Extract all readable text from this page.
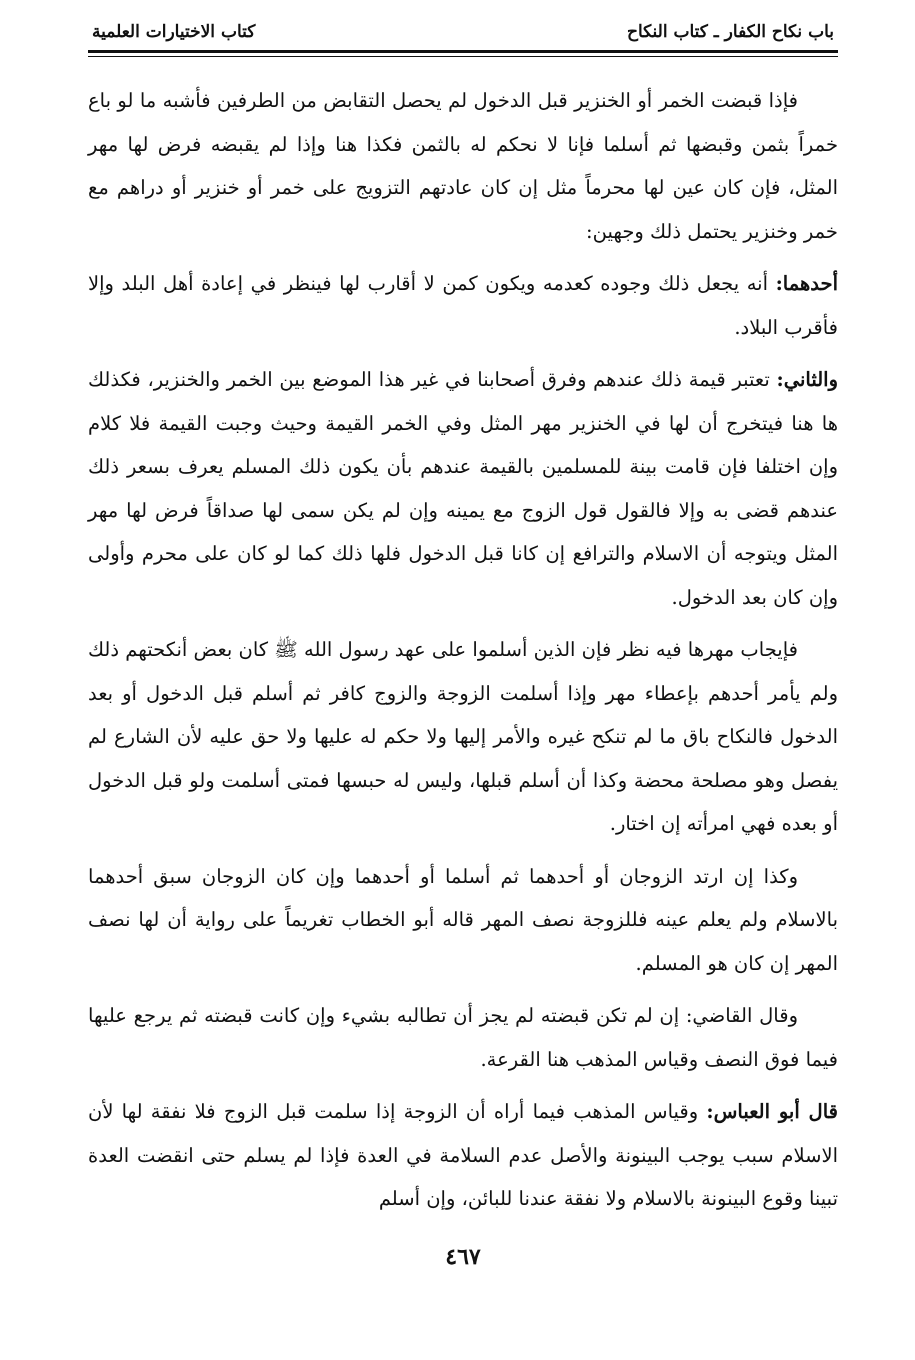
باب نكاح الكفار ـ كتاب النكاح
كتاب الاختيارات العلمية

فإذا قبضت الخمر أو الخنزير قبل الدخول لم يحصل التقابض من الطرفين فأشبه ما لو باع خمراً بثمن وقبضها ثم أسلما فإنا لا نحكم له بالثمن فكذا هنا وإذا لم يقبضه فرض لها مهر المثل، فإن كان عين لها محرماً مثل إن كان عادتهم التزويج على خمر أو خنزير أو دراهم مع خمر وخنزير يحتمل ذلك وجهين:

أحدهما: أنه يجعل ذلك وجوده كعدمه ويكون كمن لا أقارب لها فينظر في إعادة أهل البلد وإلا فأقرب البلاد.

والثاني: تعتبر قيمة ذلك عندهم وفرق أصحابنا في غير هذا الموضع بين الخمر والخنزير، فكذلك ها هنا فيتخرج أن لها في الخنزير مهر المثل وفي الخمر القيمة وحيث وجبت القيمة فلا كلام وإن اختلفا فإن قامت بينة للمسلمين بالقيمة عندهم بأن يكون ذلك المسلم يعرف بسعر ذلك عندهم قضى به وإلا فالقول قول الزوج مع يمينه وإن لم يكن سمى لها صداقاً فرض لها مهر المثل ويتوجه أن الاسلام والترافع إن كانا قبل الدخول فلها ذلك كما لو كان على محرم وأولى وإن كان بعد الدخول.

فإيجاب مهرها فيه نظر فإن الذين أسلموا على عهد رسول الله ﷺ كان بعض أنكحتهم ذلك ولم يأمر أحدهم بإعطاء مهر وإذا أسلمت الزوجة والزوج كافر ثم أسلم قبل الدخول أو بعد الدخول فالنكاح باق ما لم تنكح غيره والأمر إليها ولا حكم له عليها ولا حق عليه لأن الشارع لم يفصل وهو مصلحة محضة وكذا أن أسلم قبلها، وليس له حبسها فمتى أسلمت ولو قبل الدخول أو بعده فهي امرأته إن اختار.

وكذا إن ارتد الزوجان أو أحدهما ثم أسلما أو أحدهما وإن كان الزوجان سبق أحدهما بالاسلام ولم يعلم عينه فللزوجة نصف المهر قاله أبو الخطاب تغريماً على رواية أن لها نصف المهر إن كان هو المسلم.

وقال القاضي: إن لم تكن قبضته لم يجز أن تطالبه بشيء وإن كانت قبضته ثم يرجع عليها فيما فوق النصف وقياس المذهب هنا القرعة.

قال أبو العباس: وقياس المذهب فيما أراه أن الزوجة إذا سلمت قبل الزوج فلا نفقة لها لأن الاسلام سبب يوجب البينونة والأصل عدم السلامة في العدة فإذا لم يسلم حتى انقضت العدة تبينا وقوع البينونة بالاسلام ولا نفقة عندنا للبائن، وإن أسلم

٤٦٧
